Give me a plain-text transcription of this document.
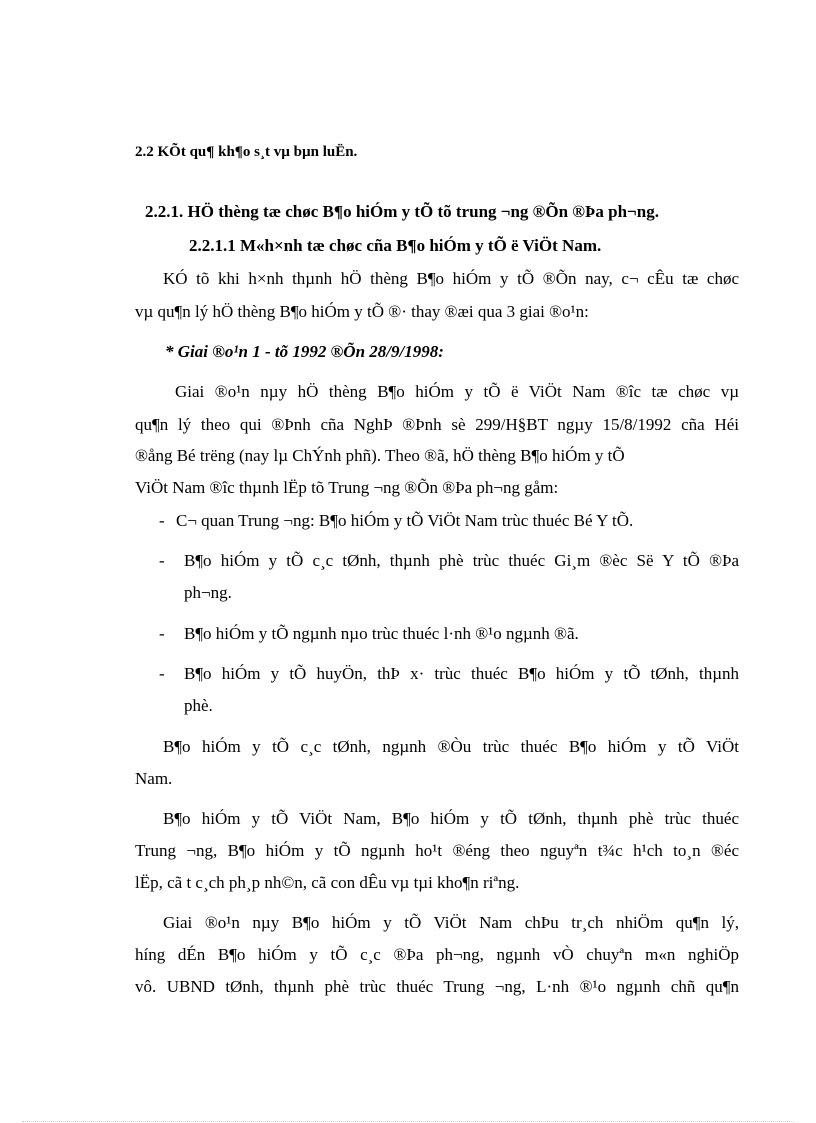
2.2 KÕt qu¶ kh¶o s¸t vµ bµn luËn.
2.2.1. HÖ thèng tæ chøc B¶o hiÓm y tÕ tõ trung ¬ng ®Õn ®Þa ph¬ng.
2.2.1.1 M«h×nh tæ chøc cña B¶o hiÓm y tÕ ë ViÖt Nam.
KÓ tõ khi h×nh thµnh hÖ thèng B¶o hiÓm y tÕ ®Õn nay, c¬ cÊu tæ chøc
vµ qu¶n lý hÖ thèng B¶o hiÓm y tÕ ®· thay ®æi qua 3 giai ®o¹n:
* Giai ®o¹n 1 - tõ 1992 ®Õn 28/9/1998:
Giai ®o¹n nµy hÖ thèng B¶o hiÓm y tÕ ë ViÖt Nam ®îc tæ chøc vµ
qu¶n lý theo qui ®Þnh cña NghÞ ®Þnh sè 299/H§BT ngµy 15/8/1992 cña Héi
®ång Bé trëng (nay lµ ChÝnh phñ). Theo ®ã, hÖ thèng B¶o hiÓm y tÕ
ViÖt Nam ®îc thµnh lËp tõ Trung ¬ng ®Õn ®Þa ph¬ng gåm:
- C¬ quan Trung ¬ng: B¶o hiÓm y tÕ ViÖt Nam trùc thuéc Bé Y tÕ.
- B¶o hiÓm y tÕ c¸c tØnh, thµnh phè trùc thuéc Gi¸m ®èc Së Y tÕ ®Þa
ph¬ng.
- B¶o hiÓm y tÕ ngµnh nµo trùc thuéc l·nh ®¹o ngµnh ®ã.
- B¶o hiÓm y tÕ huyÖn, thÞ x· trùc thuéc B¶o hiÓm y tÕ tØnh, thµnh
phè.
B¶o hiÓm y tÕ c¸c tØnh, ngµnh ®Òu trùc thuéc B¶o hiÓm y tÕ ViÖt
Nam.
B¶o hiÓm y tÕ ViÖt Nam, B¶o hiÓm y tÕ tØnh, thµnh phè trùc thuéc
Trung ¬ng, B¶o hiÓm y tÕ ngµnh ho¹t ®éng theo nguyªn t¾c h¹ch to¸n ®éc
lËp, cã t c¸ch ph¸p nh©n, cã con dÊu vµ tµi kho¶n riªng.
Giai ®o¹n nµy B¶o hiÓm y tÕ ViÖt Nam chÞu tr¸ch nhiÖm qu¶n lý,
híng dÉn B¶o hiÓm y tÕ c¸c ®Þa ph¬ng, ngµnh vÒ chuyªn m«n nghiÖp
vô. UBND tØnh, thµnh phè trùc thuéc Trung ¬ng, L·nh ®¹o ngµnh chñ qu¶n
